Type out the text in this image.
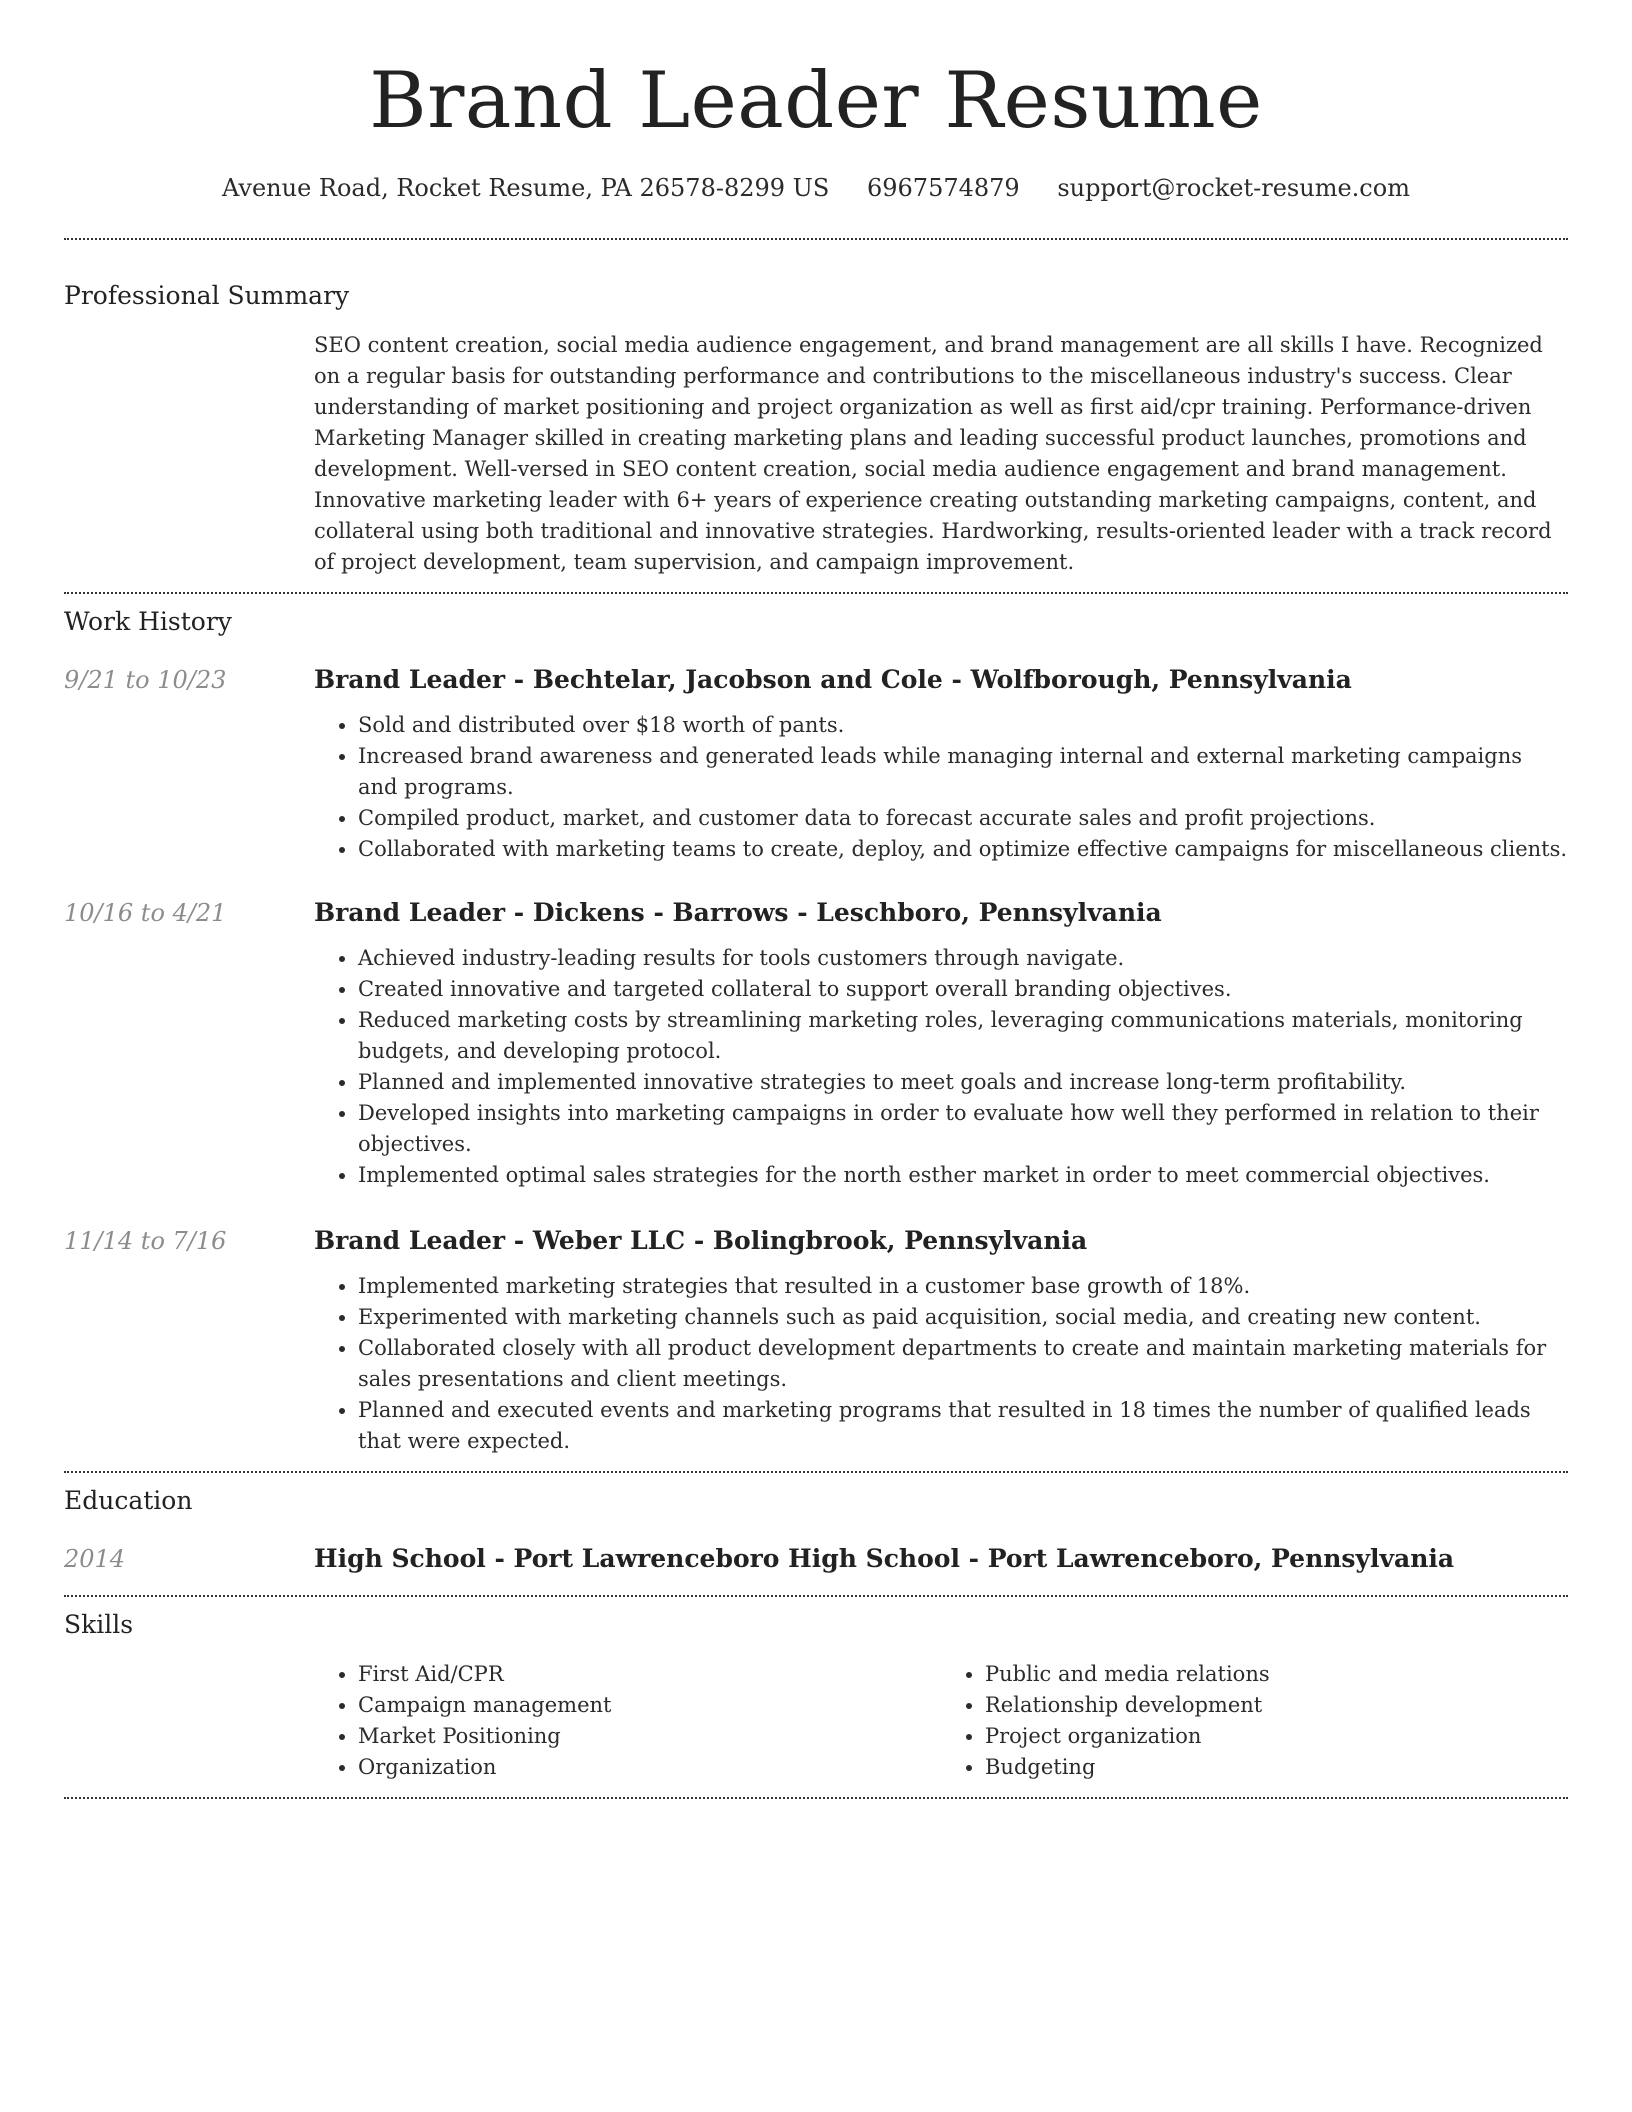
Brand Leader Resume
Avenue Road, Rocket Resume, PA 26578-8299 US 6967574879 support@rocket-resume.com
Professional Summary

SEO content creation, social media audience engagement, and brand management are all skills I have. Recognized on a regular basis for outstanding performance and contributions to the miscellaneous industry's success. Clear understanding of market positioning and project organization as well as first aid/cpr training. Performance-driven Marketing Manager skilled in creating marketing plans and leading successful product launches, promotions and development. Well-versed in SEO content creation, social media audience engagement and brand management. Innovative marketing leader with 6+ years of experience creating outstanding marketing campaigns, content, and collateral using both traditional and innovative strategies. Hardworking, results-oriented leader with a track record of project development, team supervision, and campaign improvement.

Work History
9/21 to 10/23	Brand Leader - Bechtelar, Jacobson and Cole - Wolfborough, Pennsylvania
• Sold and distributed over $18 worth of pants.
• Increased brand awareness and generated leads while managing internal and external marketing campaigns and programs.
• Compiled product, market, and customer data to forecast accurate sales and profit projections.
• Collaborated with marketing teams to create, deploy, and optimize effective campaigns for miscellaneous clients.
10/16 to 4/21	Brand Leader - Dickens - Barrows - Leschboro, Pennsylvania
• Achieved industry-leading results for tools customers through navigate.
• Created innovative and targeted collateral to support overall branding objectives.
• Reduced marketing costs by streamlining marketing roles, leveraging communications materials, monitoring budgets, and developing protocol.
• Planned and implemented innovative strategies to meet goals and increase long-term profitability.
• Developed insights into marketing campaigns in order to evaluate how well they performed in relation to their objectives.
• Implemented optimal sales strategies for the north esther market in order to meet commercial objectives.
11/14 to 7/16	Brand Leader - Weber LLC - Bolingbrook, Pennsylvania
• Implemented marketing strategies that resulted in a customer base growth of 18%.
• Experimented with marketing channels such as paid acquisition, social media, and creating new content.
• Collaborated closely with all product development departments to create and maintain marketing materials for sales presentations and client meetings.
• Planned and executed events and marketing programs that resulted in 18 times the number of qualified leads that were expected.
Education
2014	High School - Port Lawrenceboro High School - Port Lawrenceboro, Pennsylvania
Skills
• First Aid/CPR
• Campaign management
• Market Positioning
• Organization
• Public and media relations
• Relationship development
• Project organization
• Budgeting
